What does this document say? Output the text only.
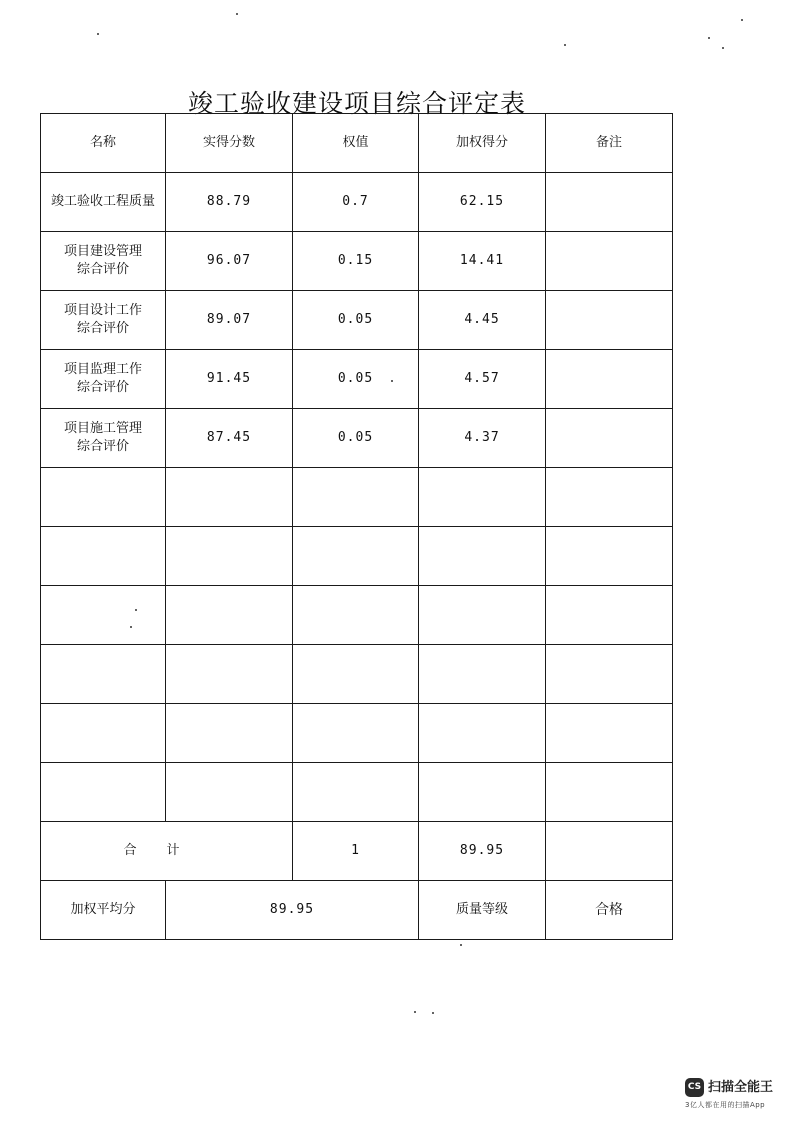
竣工验收建设项目综合评定表
名称	实得分数	权值	加权得分	备注

竣工验收工程质量	88.79	0.7	62.15	

项目建设管理
综合评价	96.07	0.15	14.41	

项目设计工作
综合评价	89.07	0.05	4.45	

项目监理工作
综合评价	91.45	0.05	4.57	

项目施工管理
综合评价	87.45	0.05	4.37	

合计		1	89.95	
加权平均分	89.95		质量等级	合格
CS 扫描全能王
3亿人都在用的扫描App
